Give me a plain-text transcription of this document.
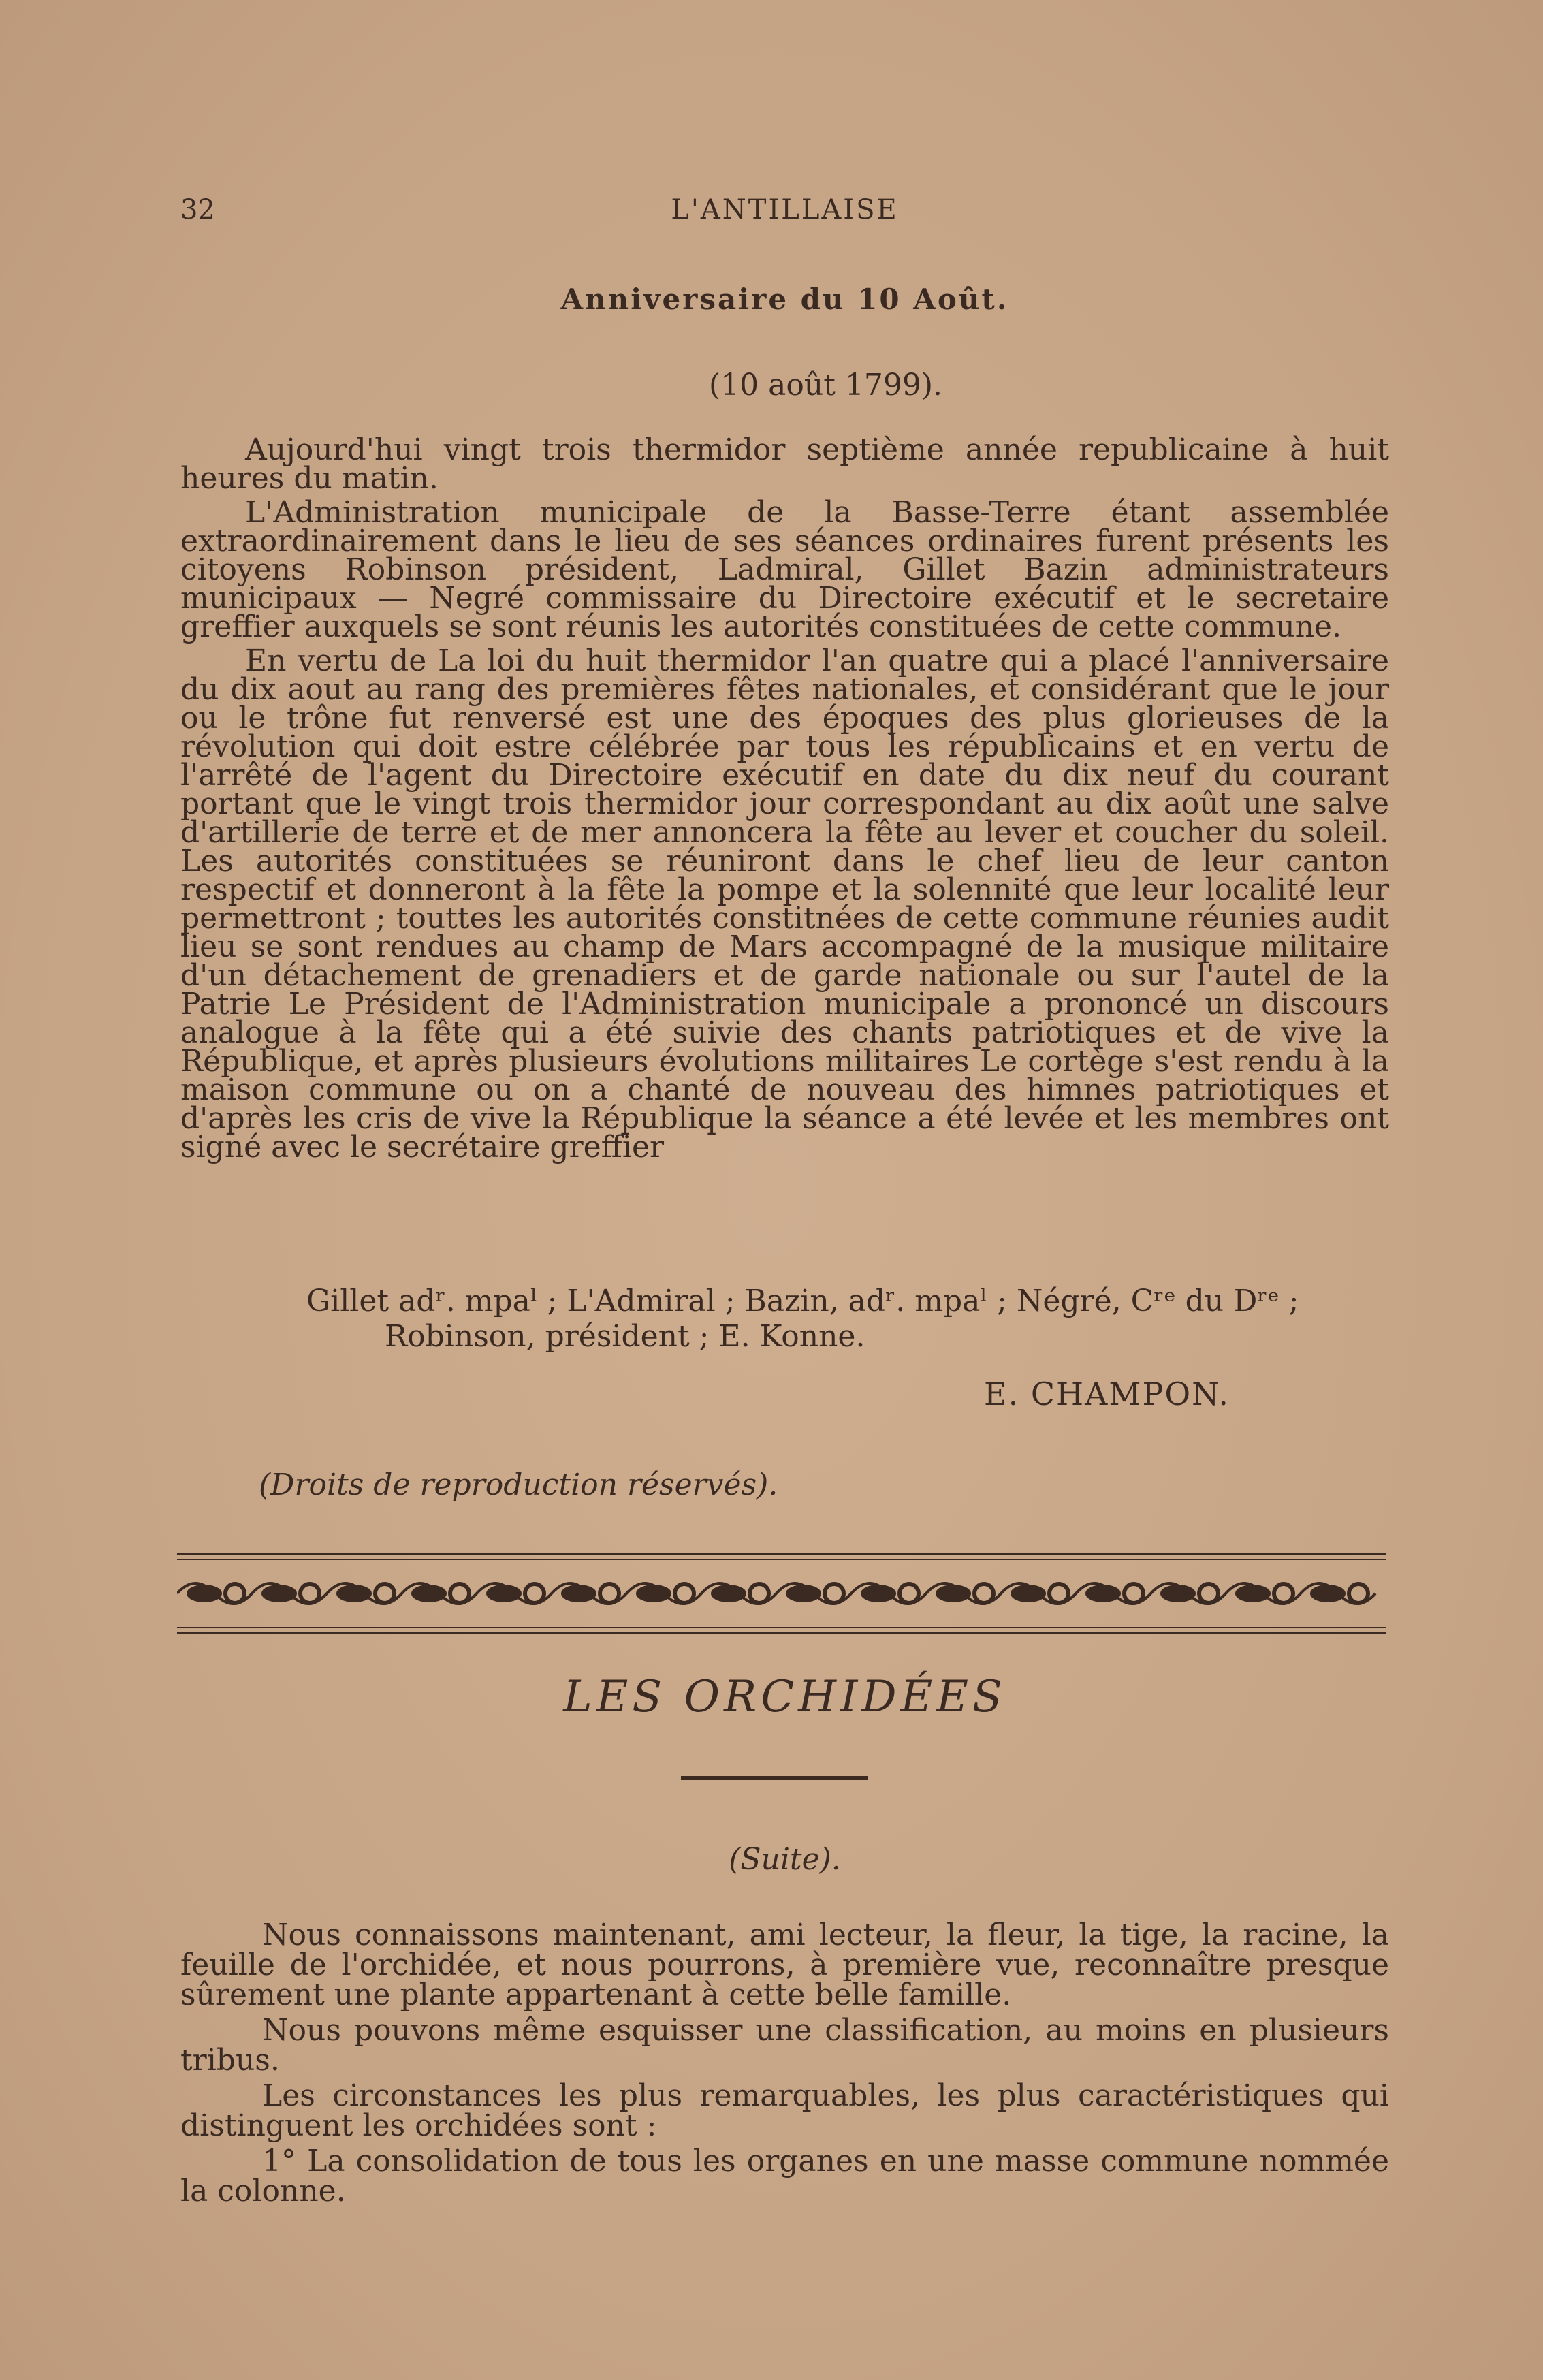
32	L'ANTILLAISE
Anniversaire du 10 Août.
(10 août 1799).

Aujourd'hui vingt trois thermidor septième année republicaine à huit heures du matin.

L'Administration municipale de la Basse-Terre étant assemblée extraordinairement dans le lieu de ses séances ordinaires furent présents les citoyens Robinson président, Ladmiral, Gillet Bazin administrateurs municipaux — Negré commissaire du Directoire exécutif et le secretaire greffier auxquels se sont réunis les autorités constituées de cette commune.

En vertu de La loi du huit thermidor l'an quatre qui a placé l'anniversaire du dix aout au rang des premières fêtes nationales, et considérant que le jour ou le trône fut renversé est une des époques des plus glorieuses de la révolution qui doit estre célébrée par tous les républicains et en vertu de l'arrêté de l'agent du Directoire exécutif en date du dix neuf du courant portant que le vingt trois thermidor jour correspondant au dix août une salve d'artillerie de terre et de mer annoncera la fête au lever et coucher du soleil. Les autorités constituées se réuniront dans le chef lieu de leur canton respectif et donneront à la fête la pompe et la solennité que leur localité leur permettront ; touttes les autorités constitnées de cette commune réunies audit lieu se sont rendues au champ de Mars accompagné de la musique militaire d'un détachement de grenadiers et de garde nationale ou sur l'autel de la Patrie Le Président de l'Administration municipale a prononcé un discours analogue à la fête qui a été suivie des chants patriotiques et de vive la République, et après plusieurs évolutions militaires Le cortège s'est rendu à la maison commune ou on a chanté de nouveau des himnes patriotiques et d'après les cris de vive la République la séance a été levée et les membres ont signé avec le secrétaire greffier

Gillet adʳ. mpaˡ ; L'Admiral ; Bazin, adʳ. mpaˡ ; Négré, Cʳᵉ du Dʳᵉ ;
Robinson, président ; E. Konne.
E. CHAMPON.
(Droits de reproduction réservés).
LES ORCHIDÉES
(Suite).

Nous connaissons maintenant, ami lecteur, la fleur, la tige, la racine, la feuille de l'orchidée, et nous pourrons, à première vue, reconnaître presque sûrement une plante appartenant à cette belle famille.

Nous pouvons même esquisser une classification, au moins en plusieurs tribus.

Les circonstances les plus remarquables, les plus caractéristiques qui distinguent les orchidées sont :

1° La consolidation de tous les organes en une masse commune nommée la colonne.
